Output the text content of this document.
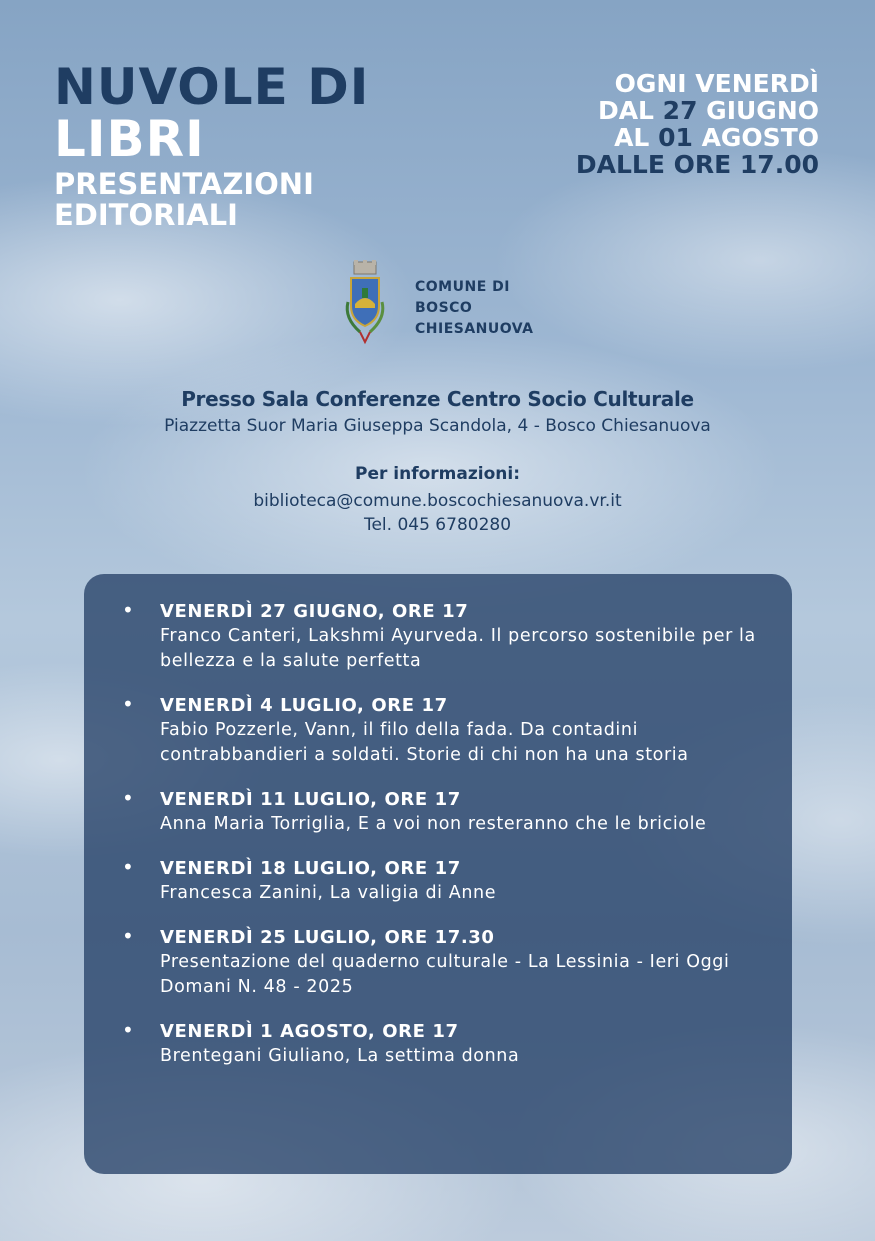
NUVOLE DI
LIBRI
PRESENTAZIONI
EDITORIALI
OGNI VENERDÌ
DAL 27 GIUGNO
AL 01 AGOSTO
DALLE ORE 17.00
COMUNE DI
BOSCO
CHIESANUOVA
Presso Sala Conferenze Centro Socio Culturale
Piazzetta Suor Maria Giuseppa Scandola, 4 - Bosco Chiesanuova
Per informazioni:
biblioteca@comune.boscochiesanuova.vr.it
Tel. 045 6780280
• VENERDÌ 27 GIUGNO, ORE 17
Franco Canteri, Lakshmi Ayurveda. Il percorso sostenibile per la bellezza e la salute perfetta
• VENERDÌ 4 LUGLIO, ORE 17
Fabio Pozzerle, Vann, il filo della fada. Da contadini contrabbandieri a soldati. Storie di chi non ha una storia
• VENERDÌ 11 LUGLIO, ORE 17
Anna Maria Torriglia, E a voi non resteranno che le briciole
• VENERDÌ 18 LUGLIO, ORE 17
Francesca Zanini, La valigia di Anne
• VENERDÌ 25 LUGLIO, ORE 17.30
Presentazione del quaderno culturale - La Lessinia - Ieri Oggi Domani N. 48 - 2025
• VENERDÌ 1 AGOSTO, ORE 17
Brentegani Giuliano, La settima donna
